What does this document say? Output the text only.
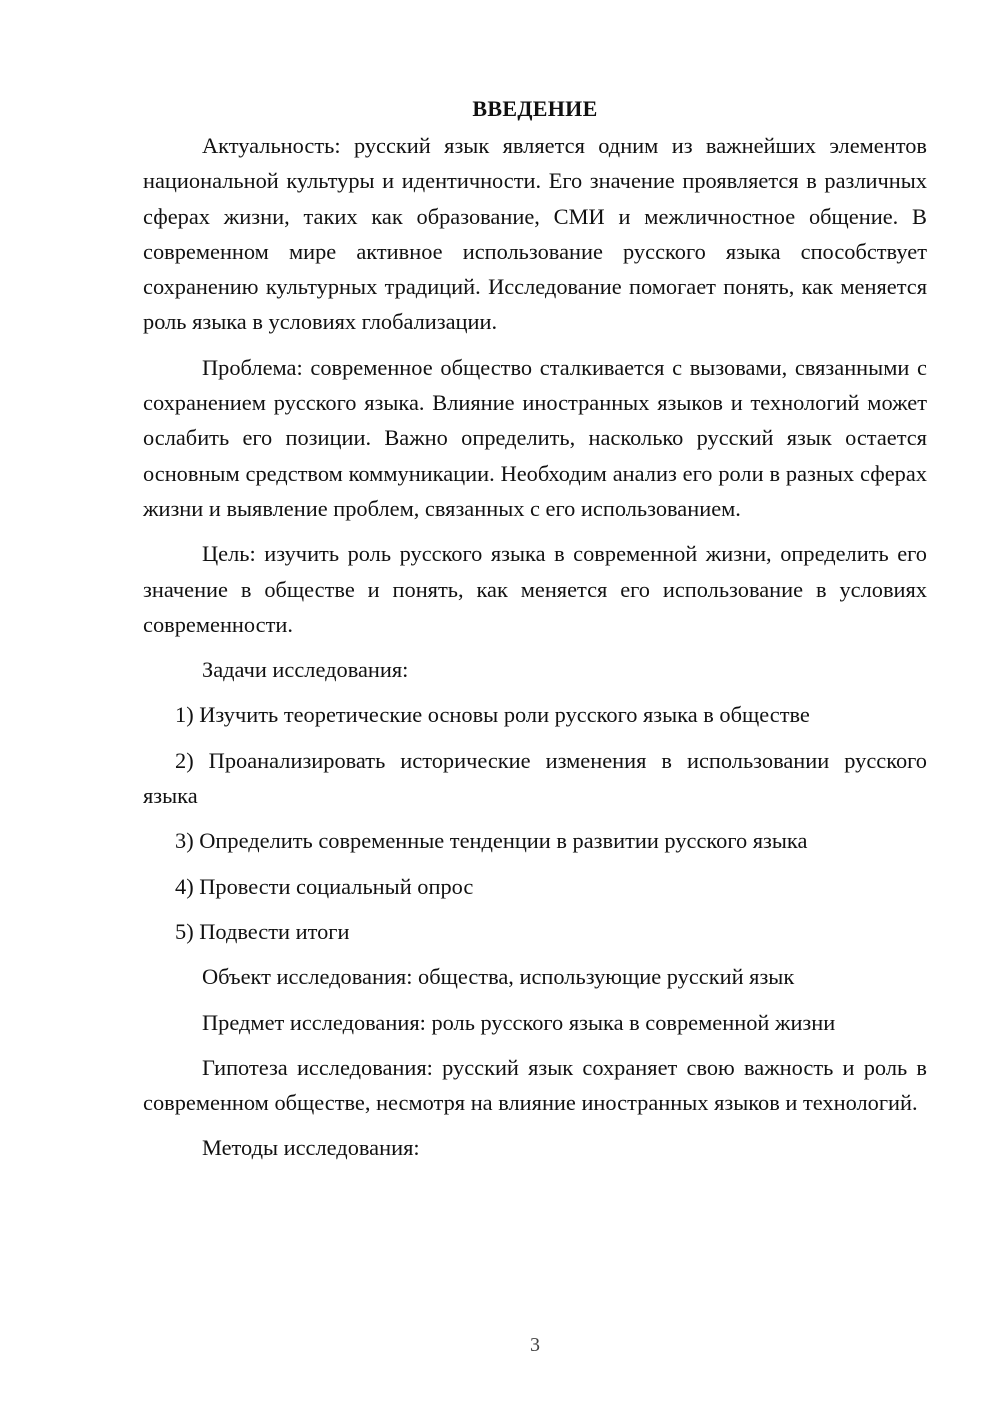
ВВЕДЕНИЕ

Актуальность: русский язык является одним из важнейших элементов национальной культуры и идентичности. Его значение проявляется в различных сферах жизни, таких как образование, СМИ и межличностное общение. В современном мире активное использование русского языка способствует сохранению культурных традиций. Исследование помогает понять, как меняется роль языка в условиях глобализации.

Проблема: современное общество сталкивается с вызовами, связанными с сохранением русского языка. Влияние иностранных языков и технологий может ослабить его позиции. Важно определить, насколько русский язык остается основным средством коммуникации. Необходим анализ его роли в разных сферах жизни и выявление проблем, связанных с его использованием.

Цель: изучить роль русского языка в современной жизни, определить его значение в обществе и понять, как меняется его использование в условиях современности.

Задачи исследования:

1) Изучить теоретические основы роли русского языка в обществе

2) Проанализировать исторические изменения в использовании русского языка

3) Определить современные тенденции в развитии русского языка

4) Провести социальный опрос

5) Подвести итоги

Объект исследования: общества, использующие русский язык

Предмет исследования: роль русского языка в современной жизни

Гипотеза исследования: русский язык сохраняет свою важность и роль в современном обществе, несмотря на влияние иностранных языков и технологий.

Методы исследования:

3
